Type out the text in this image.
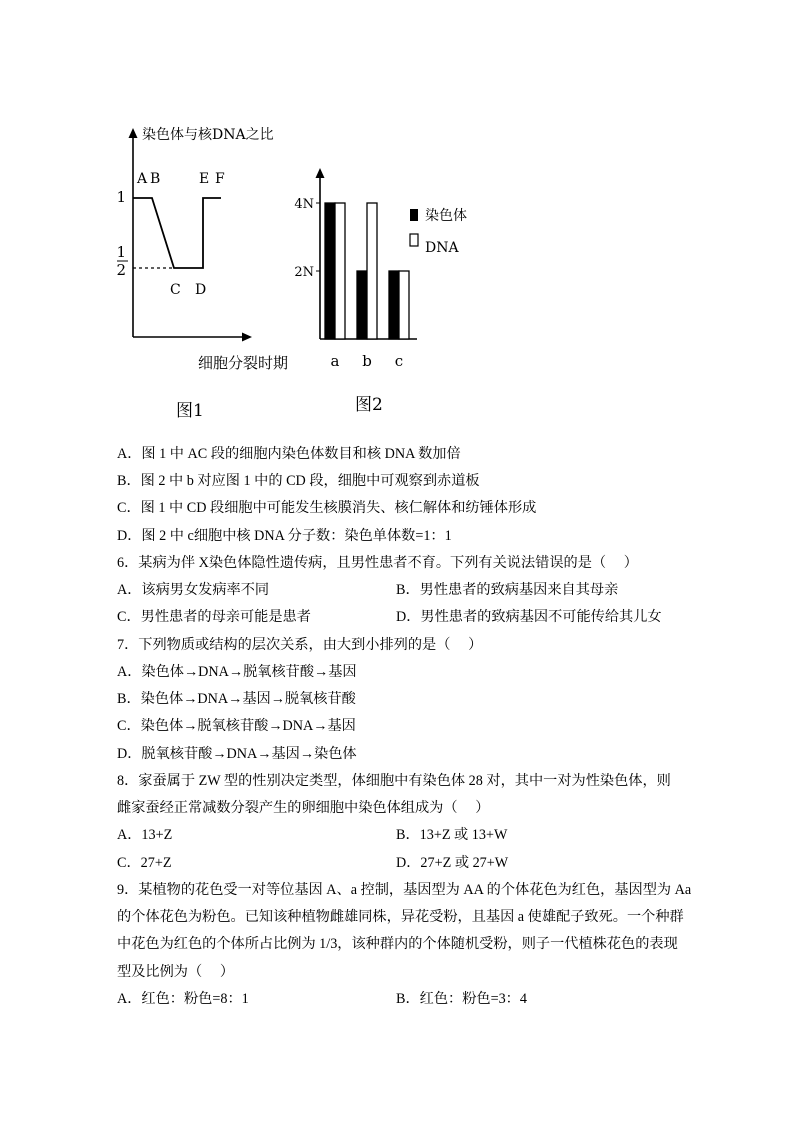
染色体与核DNA之比
1
1
2
A B
C D
E F
细胞分裂时期
图1
2N
4N
a b c
染色体
DNA
图2
A．图 1 中 AC 段的细胞内染色体数目和核 DNA 数加倍
B．图 2 中 b 对应图 1 中的 CD 段，细胞中可观察到赤道板
C．图 1 中 CD 段细胞中可能发生核膜消失、核仁解体和纺锤体形成
D．图 2 中 c细胞中核 DNA 分子数：染色单体数=1：1
6．某病为伴 X染色体隐性遗传病，且男性患者不育。下列有关说法错误的是（　 ）
A．该病男女发病率不同	B．男性患者的致病基因来自其母亲
C．男性患者的母亲可能是患者	D．男性患者的致病基因不可能传给其儿女
7．下列物质或结构的层次关系，由大到小排列的是（　 ）
A．染色体→DNA→脱氧核苷酸→基因
B．染色体→DNA→基因→脱氧核苷酸
C．染色体→脱氧核苷酸→DNA→基因
D．脱氧核苷酸→DNA→基因→染色体
8．家蚕属于 ZW 型的性别决定类型，体细胞中有染色体 28 对，其中一对为性染色体，则
雌家蚕经正常减数分裂产生的卵细胞中染色体组成为（　 ）
A．13+Z	B．13+Z 或 13+W
C．27+Z	D．27+Z 或 27+W
9．某植物的花色受一对等位基因 A、a 控制，基因型为 AA 的个体花色为红色，基因型为 Aa
的个体花色为粉色。已知该种植物雌雄同株，异花受粉，且基因 a 使雄配子致死。一个种群
中花色为红色的个体所占比例为 1/3，该种群内的个体随机受粉，则子一代植株花色的表现
型及比例为（　 ）
A．红色：粉色=8：1	B．红色：粉色=3：4
